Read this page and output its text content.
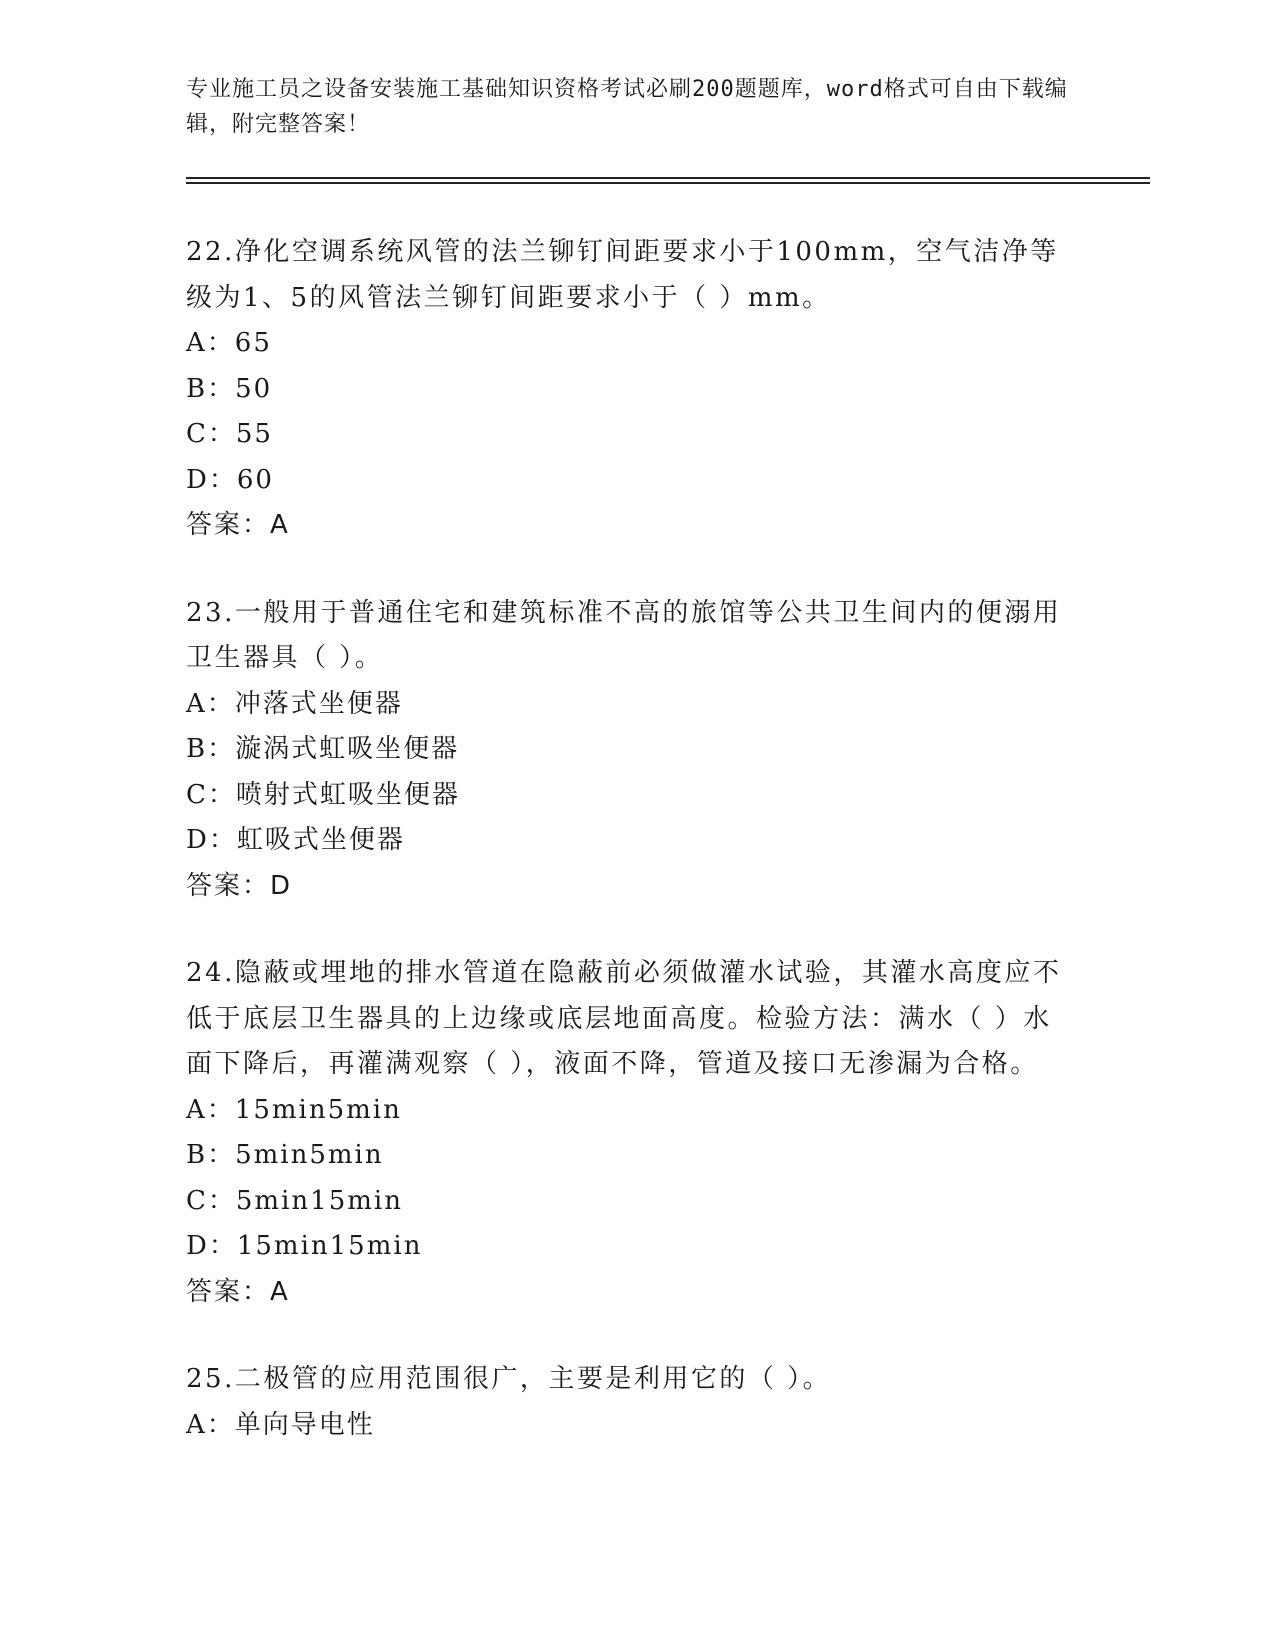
专业施工员之设备安装施工基础知识资格考试必刷200题题库，word格式可自由下载编辑，附完整答案！
22.净化空调系统风管的法兰铆钉间距要求小于100mm，空气洁净等级为1、5的风管法兰铆钉间距要求小于（ ）mm。
A：65
B：50
C：55
D：60
答案：A
23.一般用于普通住宅和建筑标准不高的旅馆等公共卫生间内的便溺用卫生器具（ ）。
A：冲落式坐便器
B：漩涡式虹吸坐便器
C：喷射式虹吸坐便器
D：虹吸式坐便器
答案：D
24.隐蔽或埋地的排水管道在隐蔽前必须做灌水试验，其灌水高度应不低于底层卫生器具的上边缘或底层地面高度。检验方法：满水（ ）水面下降后，再灌满观察（ ），液面不降，管道及接口无渗漏为合格。
A：15min5min
B：5min5min
C：5min15min
D：15min15min
答案：A
25.二极管的应用范围很广，主要是利用它的（ ）。
A：单向导电性
